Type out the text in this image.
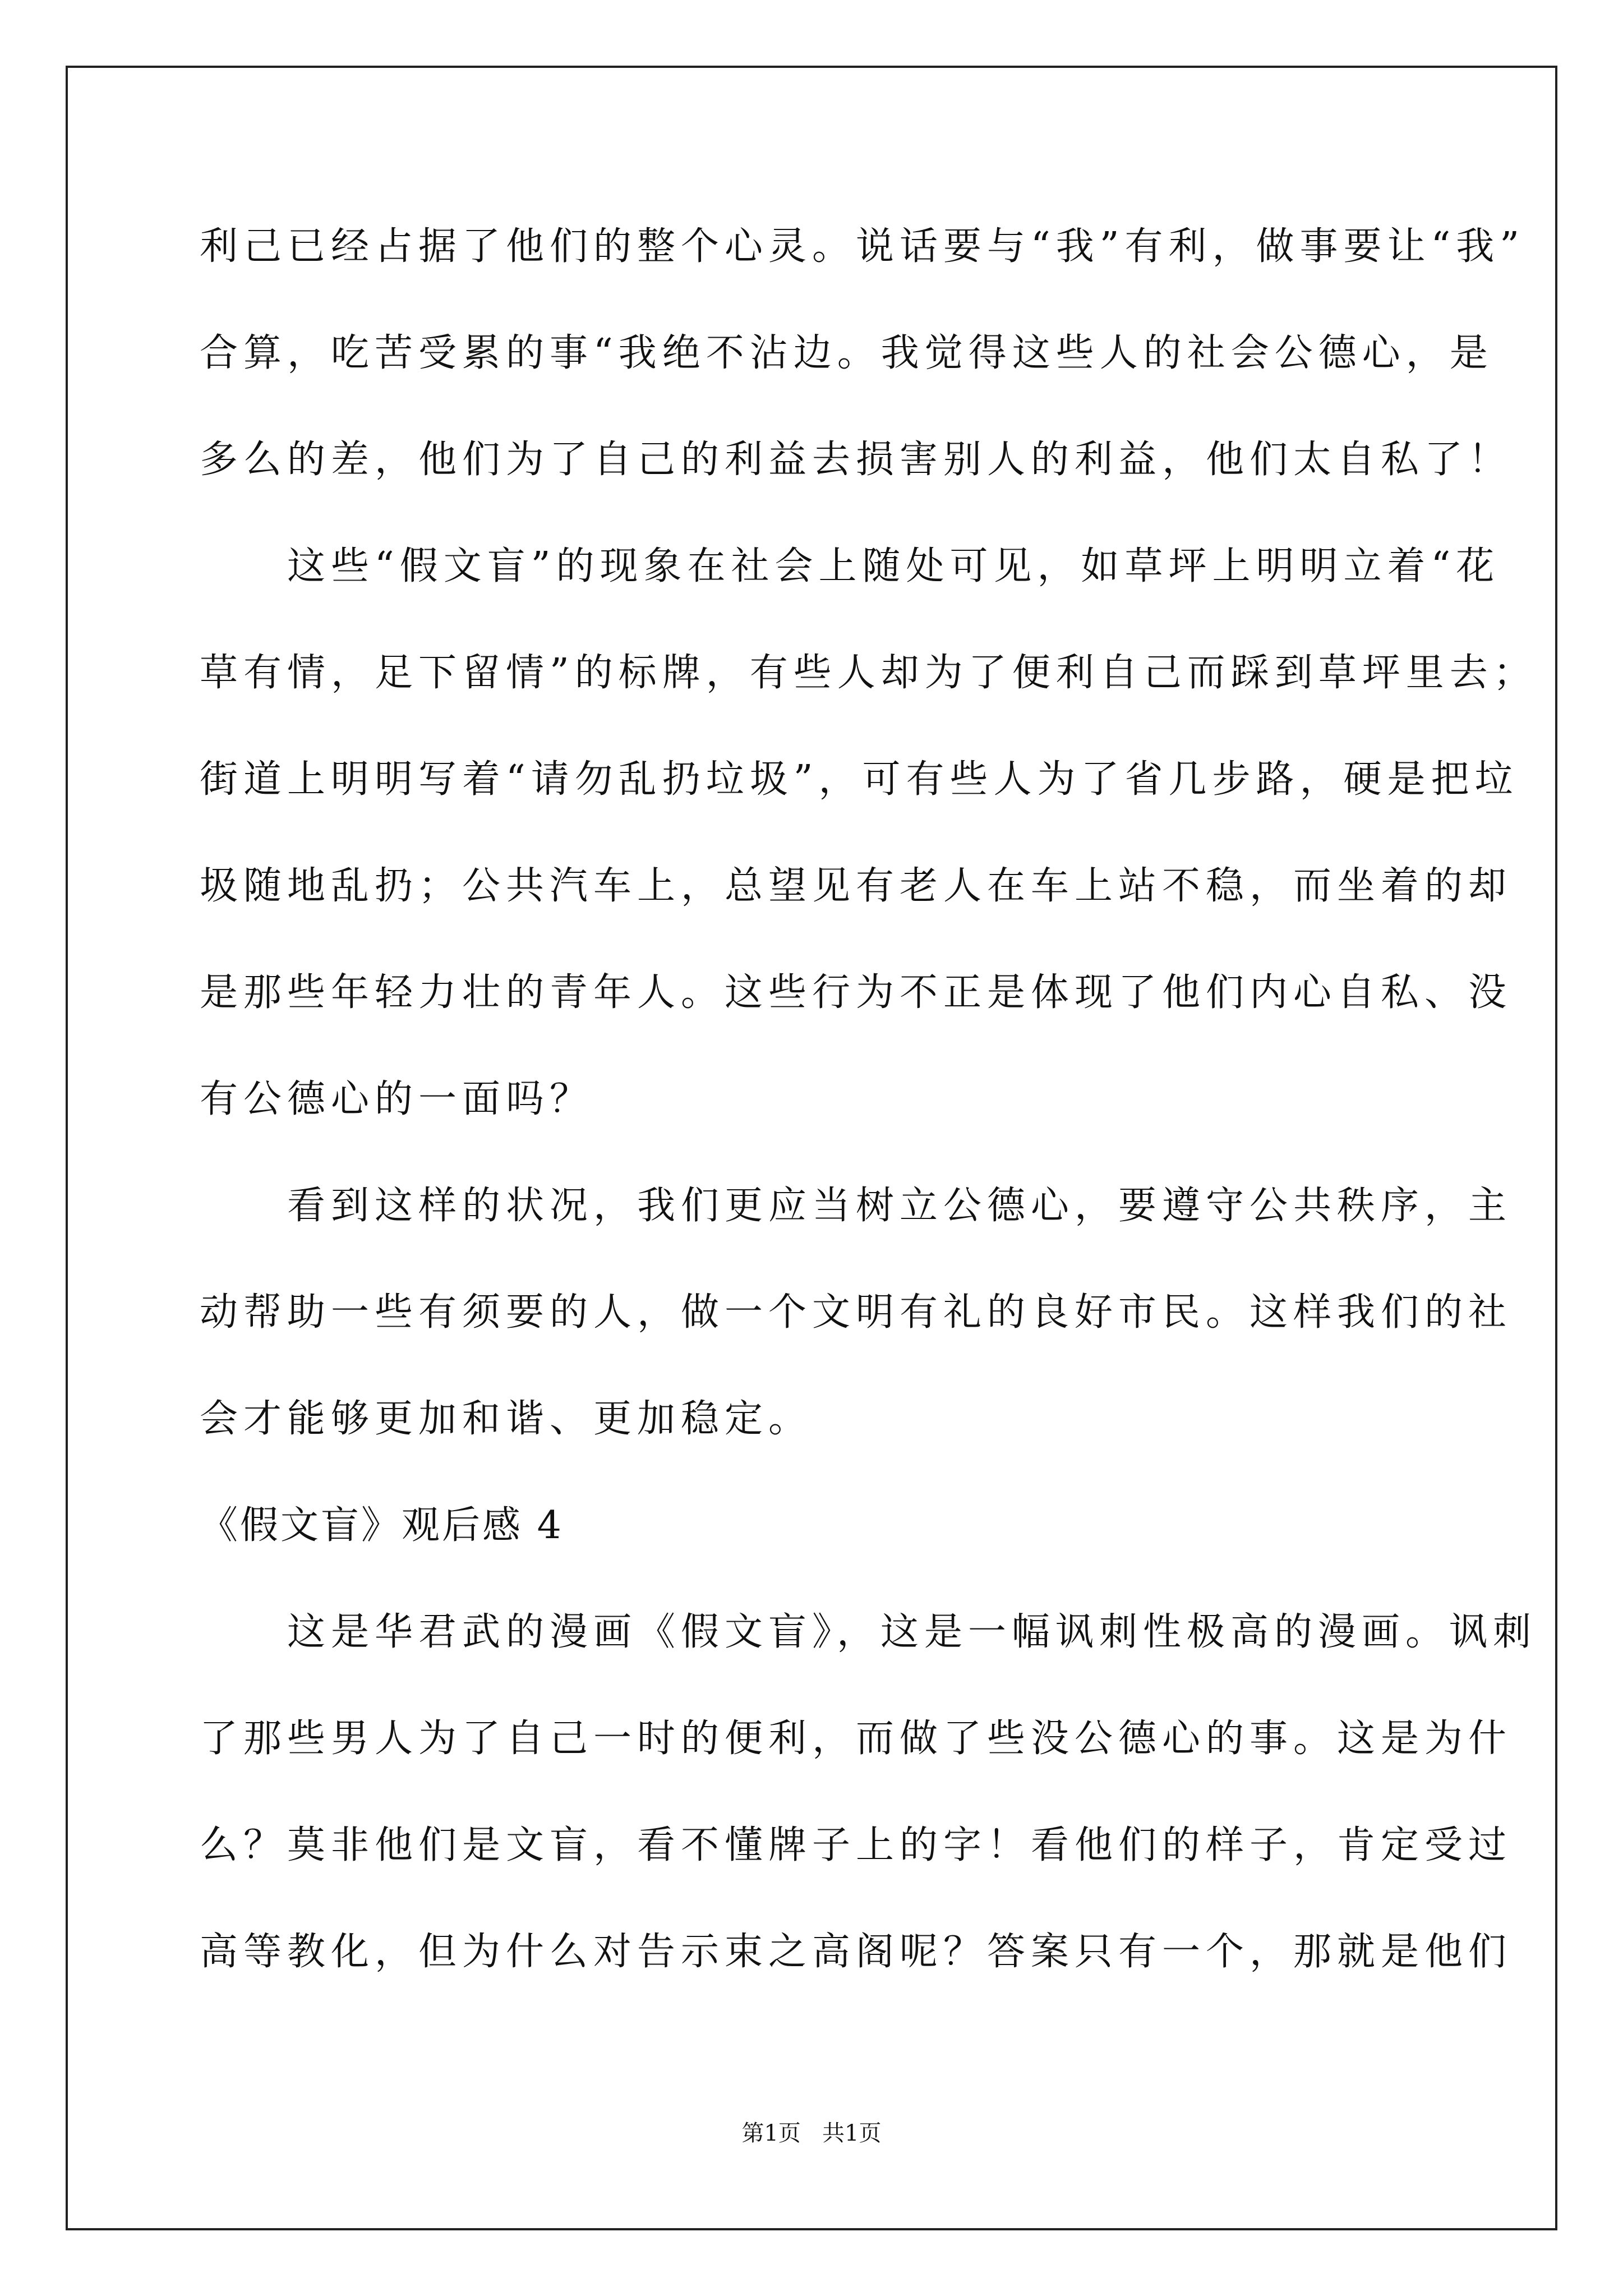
利己已经占据了他们的整个心灵。说话要与“我”有利，做事要让“我”
合算，吃苦受累的事“我绝不沾边。我觉得这些人的社会公德心，是
多么的差，他们为了自己的利益去损害别人的利益，他们太自私了！
　　这些“假文盲”的现象在社会上随处可见，如草坪上明明立着“花
草有情，足下留情”的标牌，有些人却为了便利自己而踩到草坪里去；
街道上明明写着“请勿乱扔垃圾”，可有些人为了省几步路，硬是把垃
圾随地乱扔；公共汽车上，总望见有老人在车上站不稳，而坐着的却
是那些年轻力壮的青年人。这些行为不正是体现了他们内心自私、没
有公德心的一面吗？
　　看到这样的状况，我们更应当树立公德心，要遵守公共秩序，主
动帮助一些有须要的人，做一个文明有礼的良好市民。这样我们的社
会才能够更加和谐、更加稳定。
《假文盲》观后感 4
　　这是华君武的漫画《假文盲》，这是一幅讽刺性极高的漫画。讽刺
了那些男人为了自己一时的便利，而做了些没公德心的事。这是为什
么？莫非他们是文盲，看不懂牌子上的字！看他们的样子，肯定受过
高等教化，但为什么对告示束之高阁呢？答案只有一个，那就是他们
第1页   共1页
